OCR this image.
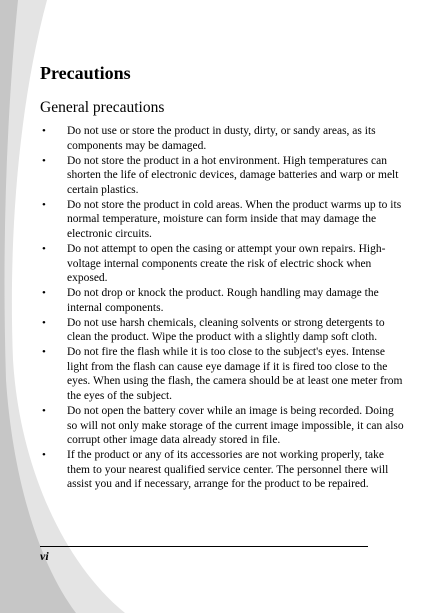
Precautions
General precautions
• Do not use or store the product in dusty, dirty, or sandy areas, as its components may be damaged.
• Do not store the product in a hot environment. High temperatures can shorten the life of electronic devices, damage batteries and warp or melt certain plastics.
• Do not store the product in cold areas. When the product warms up to its normal temperature, moisture can form inside that may damage the electronic circuits.
• Do not attempt to open the casing or attempt your own repairs. High-voltage internal components create the risk of electric shock when exposed.
• Do not drop or knock the product. Rough handling may damage the internal components.
• Do not use harsh chemicals, cleaning solvents or strong detergents to clean the product. Wipe the product with a slightly damp soft cloth.
• Do not fire the flash while it is too close to the subject's eyes. Intense light from the flash can cause eye damage if it is fired too close to the eyes. When using the flash, the camera should be at least one meter from the eyes of the subject.
• Do not open the battery cover while an image is being recorded. Doing so will not only make storage of the current image impossible, it can also corrupt other image data already stored in file.
• If the product or any of its accessories are not working properly, take them to your nearest qualified service center. The personnel there will assist you and if necessary, arrange for the product to be repaired.
vi
